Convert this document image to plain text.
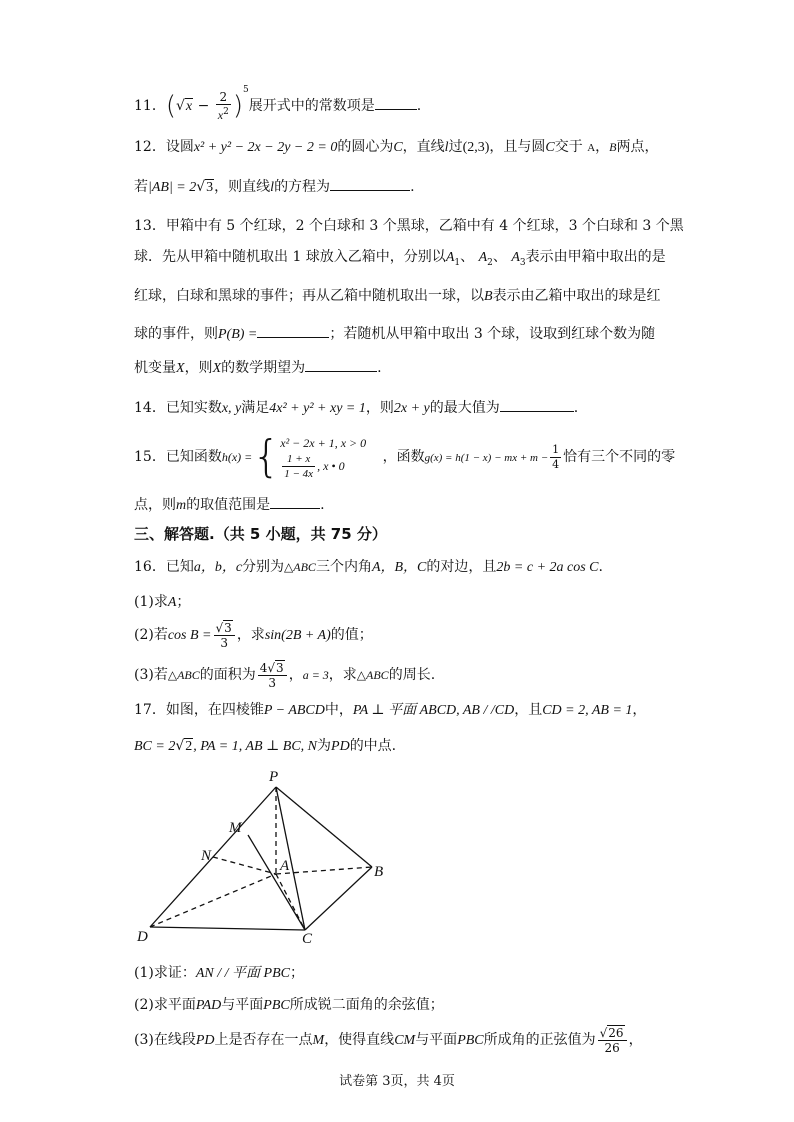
11．$(√x - \frac{2}{x^2} )^5$展开式中的常数项是	.
12．设圆x² + y² − 2x − 2y − 2 = 0的圆心为C，直线l过(2,3)，且与圆C交于 A，B两点，
若|AB| = 2√3，则直线l的方程为	.
13．甲箱中有 5 个红球，2 个白球和 3 个黑球，乙箱中有 4 个红球，3 个白球和 3 个黑
球．先从甲箱中随机取出 1 球放入乙箱中，分别以$A_1$、 $A_2$、 $A_3$表示由甲箱中取出的是
红球，白球和黑球的事件；再从乙箱中随机取出一球，以B表示由乙箱中取出的球是红
球的事件，则P(B) =	；若随机从甲箱中取出 3 个球，设取到红球个数为随
机变量X，则X的数学期望为	.
14．已知实数x, y满足4x² + y² + xy = 1，则2x + y的最大值为	.
15．已知函数h(x) ={ x² − 2x + 1, x > 0
$\frac{1 + x}{1 - 4x}$ , x • 0
，函数g(x) = h(1 − x) − mx + $m - \frac{1}{4}$ 恰有三个不同的零
点，则m的取值范围是	.
三、解答题.（共 5 小题，共 75 分）
16．已知a，b，c分别为△ABC三个内角A，B，C的对边，且2b = c + 2a cos C.
(1)求A；
(2)若$\cos B = \frac{√3}{3}$ ，求sin(2B + A)的值；
(3)若△ABC的面积为 $\frac{4√3}{3}$ ，a = 3，求△ABC的周长.
17．如图，在四棱锥P − ABCD中，PA ⊥ 平面 ABCD, AB / /CD，且CD = 2, AB = 1，
BC = 2√2, PA = 1, AB ⊥ BC, N为PD的中点.
P
M
N
A	B
C
D
(1)求证：AN / / 平面 PBC；
(2)求平面PAD与平面PBC所成锐二面角的余弦值；
(3)在线段PD上是否存在一点M，使得直线CM与平面PBC所成角的正弦值为 $\frac{√26}{26}$ ，
试卷第 3页，共 4页
